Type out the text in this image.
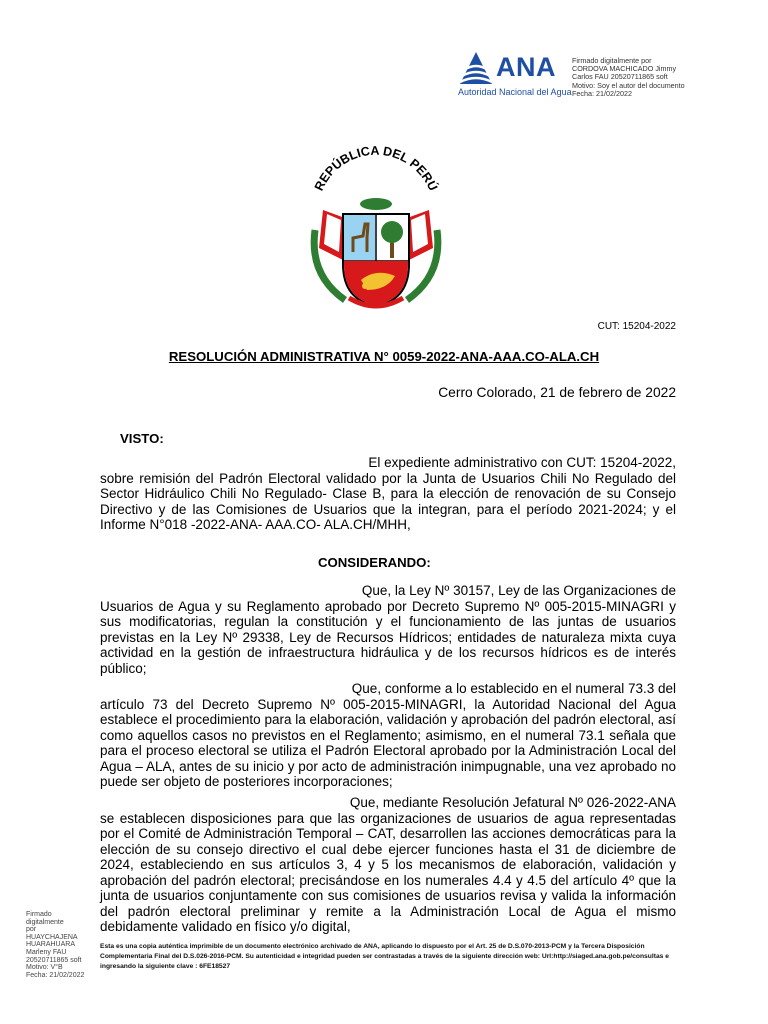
ANA
Autoridad Nacional del Agua
Firmado digitalmente por
CORDOVA MACHICADO Jimmy
Carlos FAU 20520711865 soft
Motivo: Soy el autor del documento
Fecha: 21/02/2022
REPÚBLICA DEL PERÚ
CUT: 15204-2022
RESOLUCIÓN ADMINISTRATIVA N° 0059-2022-ANA-AAA.CO-ALA.CH
Cerro Colorado, 21 de febrero de 2022
VISTO:

El expediente administrativo con CUT: 15204-2022,

sobre remisión del Padrón Electoral validado por la Junta de Usuarios Chili No Regulado del Sector Hidráulico Chili No Regulado- Clase B, para la elección de renovación de su Consejo Directivo y de las Comisiones de Usuarios que la integran, para el período 2021-2024; y el Informe N°018 -2022-ANA- AAA.CO- ALA.CH/MHH,

CONSIDERANDO:

Que, la Ley Nº 30157, Ley de las Organizaciones de

Usuarios de Agua y su Reglamento aprobado por Decreto Supremo Nº 005-2015-MINAGRI y sus modificatorias, regulan la constitución y el funcionamiento de las juntas de usuarios previstas en la Ley Nº 29338, Ley de Recursos Hídricos; entidades de naturaleza mixta cuya actividad en la gestión de infraestructura hidráulica y de los recursos hídricos es de interés público;

Que, conforme a lo establecido en el numeral 73.3 del

artículo 73 del Decreto Supremo Nº 005-2015-MINAGRI, la Autoridad Nacional del Agua establece el procedimiento para la elaboración, validación y aprobación del padrón electoral, así como aquellos casos no previstos en el Reglamento; asimismo, en el numeral 73.1 señala que para el proceso electoral se utiliza el Padrón Electoral aprobado por la Administración Local del Agua – ALA, antes de su inicio y por acto de administración inimpugnable, una vez aprobado no puede ser objeto de posteriores incorporaciones;

Que, mediante Resolución Jefatural Nº 026-2022-ANA

se establecen disposiciones para que las organizaciones de usuarios de agua representadas por el Comité de Administración Temporal – CAT, desarrollen las acciones democráticas para la elección de su consejo directivo el cual debe ejercer funciones hasta el 31 de diciembre de 2024, estableciendo en sus artículos 3, 4 y 5 los mecanismos de elaboración, validación y aprobación del padrón electoral; precisándose en los numerales 4.4 y 4.5 del artículo 4º que la junta de usuarios conjuntamente con sus comisiones de usuarios revisa y valida la información del padrón electoral preliminar y remite a la Administración Local de Agua el mismo debidamente validado en físico y/o digital,

Firmado
digitalmente
por
HUAYCHAJENA
HUARAHUARA
Marleny FAU
20520711865 soft
Motivo: V°B
Fecha: 21/02/2022
Esta es una copia auténtica imprimible de un documento electrónico archivado de ANA, aplicando lo dispuesto por el Art. 25 de D.S.070-2013-PCM y la Tercera Disposición Complementaria Final del D.S.026-2016-PCM. Su autenticidad e integridad pueden ser contrastadas a través de la siguiente dirección web: Url:http://siaged.ana.gob.pe/consultas e ingresando la siguiente clave : 6FE18527
